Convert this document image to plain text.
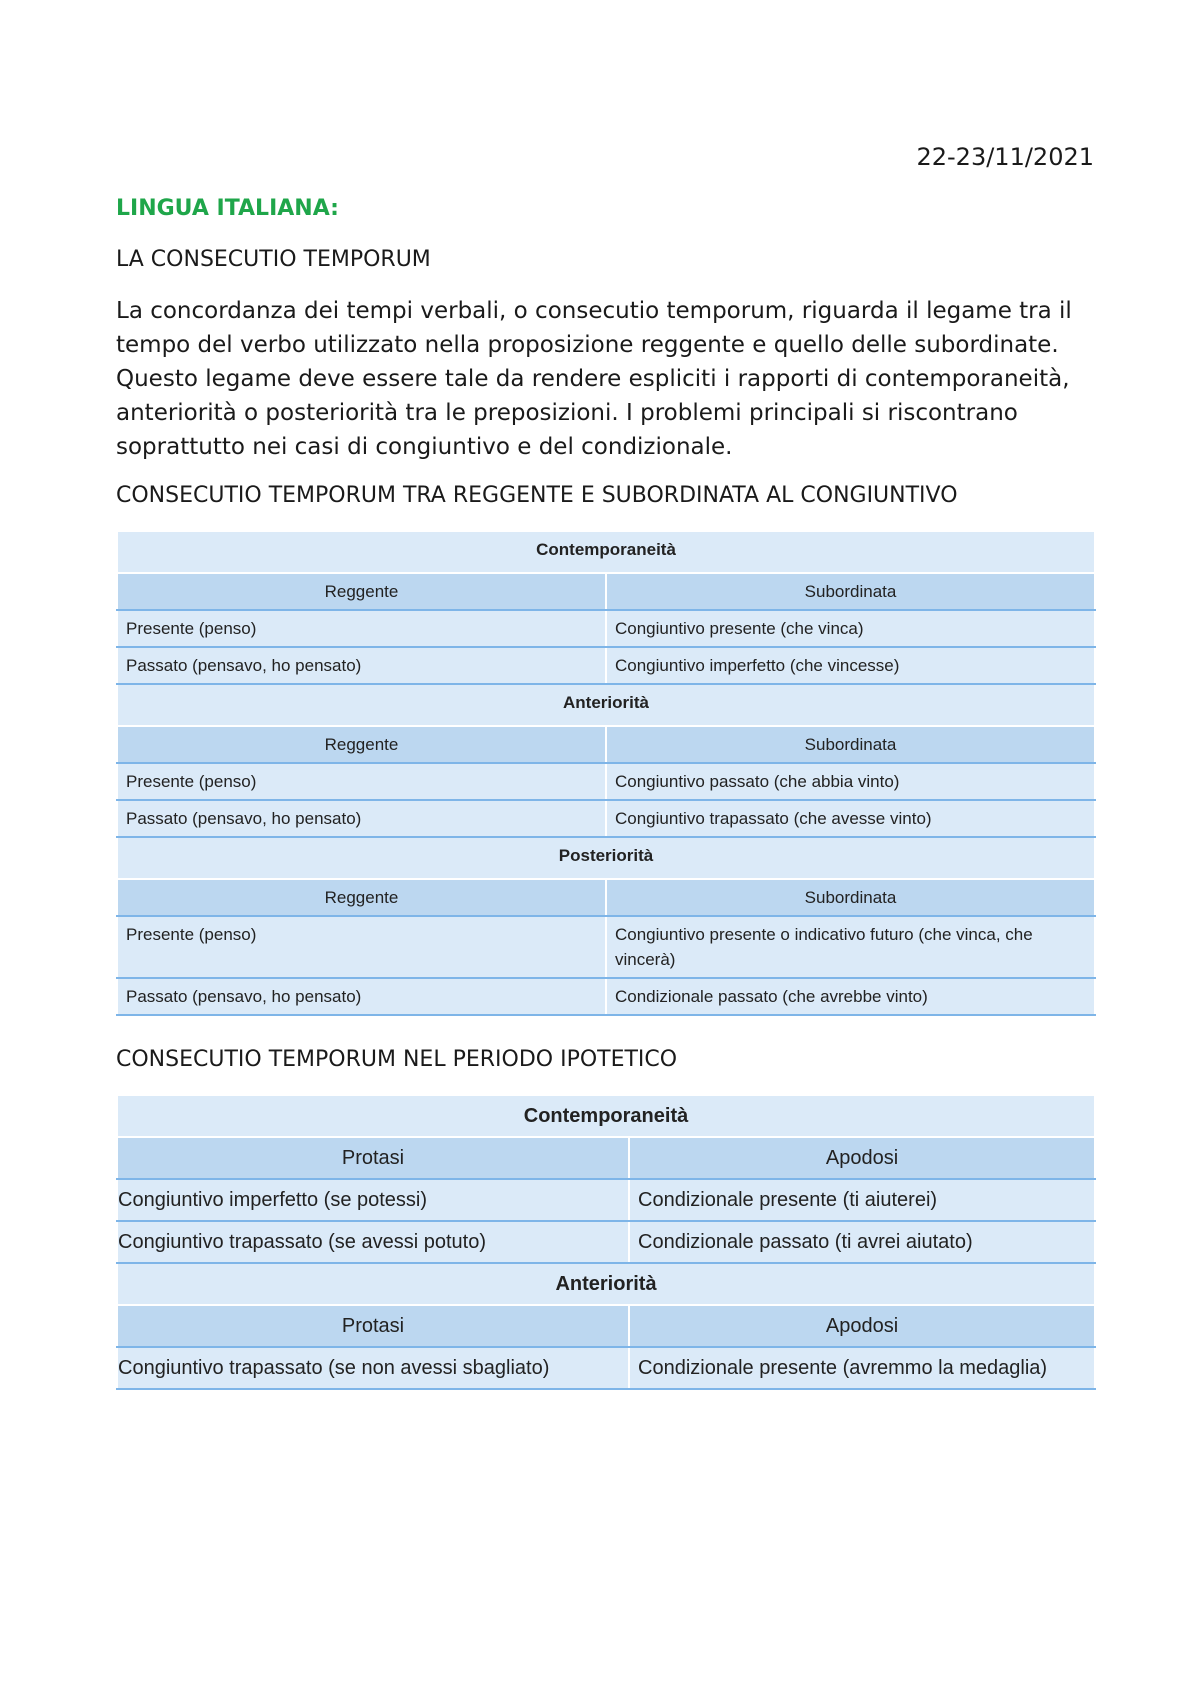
22-23/11/2021
LINGUA ITALIANA:
LA CONSECUTIO TEMPORUM
La concordanza dei tempi verbali, o consecutio temporum, riguarda il legame tra il tempo del verbo utilizzato nella proposizione reggente e quello delle subordinate. Questo legame deve essere tale da rendere espliciti i rapporti di contemporaneità, anteriorità o posteriorità tra le preposizioni. I problemi principali si riscontrano soprattutto nei casi di congiuntivo e del condizionale.
CONSECUTIO TEMPORUM TRA REGGENTE E SUBORDINATA AL CONGIUNTIVO
Contemporaneità	
Reggente	Subordinata
Presente (penso)	Congiuntivo presente (che vinca)
Passato (pensavo, ho pensato)	Congiuntivo imperfetto (che vincesse)
Anteriorità	
Reggente	Subordinata
Presente (penso)	Congiuntivo passato (che abbia vinto)
Passato (pensavo, ho pensato)	Congiuntivo trapassato (che avesse vinto)
Posteriorità	
Reggente	Subordinata
Presente (penso)	Congiuntivo presente o indicativo futuro (che vinca, che vincerà)
Passato (pensavo, ho pensato)	Condizionale passato (che avrebbe vinto)
CONSECUTIO TEMPORUM NEL PERIODO IPOTETICO
Contemporaneità	
Protasi	Apodosi
Congiuntivo imperfetto (se potessi)	Condizionale presente (ti aiuterei)
Congiuntivo trapassato (se avessi potuto)	Condizionale passato (ti avrei aiutato)
Anteriorità	
Protasi	Apodosi
Congiuntivo trapassato (se non avessi sbagliato)	Condizionale presente (avremmo la medaglia)
